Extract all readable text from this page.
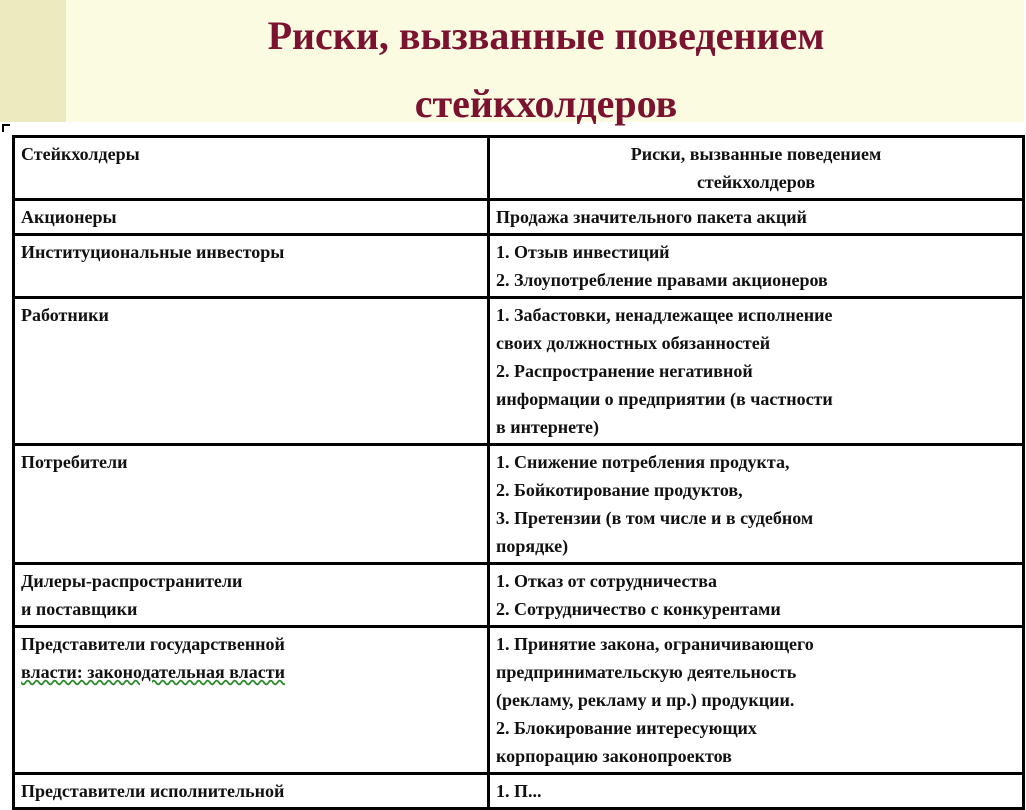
Риски, вызванные поведением
стейкхолдеров
Стейкхолдеры	Риски, вызванные поведением
стейкхолдеров

Акционеры	Продажа значительного пакета акций

Институциональные инвесторы	1. Отзыв инвестиций
2. Злоупотребление правами акционеров

Работники	1. Забастовки, ненадлежащее исполнение
своих должностных обязанностей
2. Распространение негативной
информации о предприятии (в частности
в интернете)

Потребители	1. Снижение потребления продукта,
2. Бойкотирование продуктов,
3. Претензии (в том числе и в судебном
порядке)

Дилеры-распространители
и поставщики	1. Отказ от сотрудничества
2. Сотрудничество с конкурентами

Представители государственной
власти: законодательная власти	1. Принятие закона, ограничивающего
предпринимательскую деятельность
(рекламу, рекламу и пр.) продукции.
2. Блокирование интересующих
корпорацию законопроектов

Представители исполнительной	1. П...
